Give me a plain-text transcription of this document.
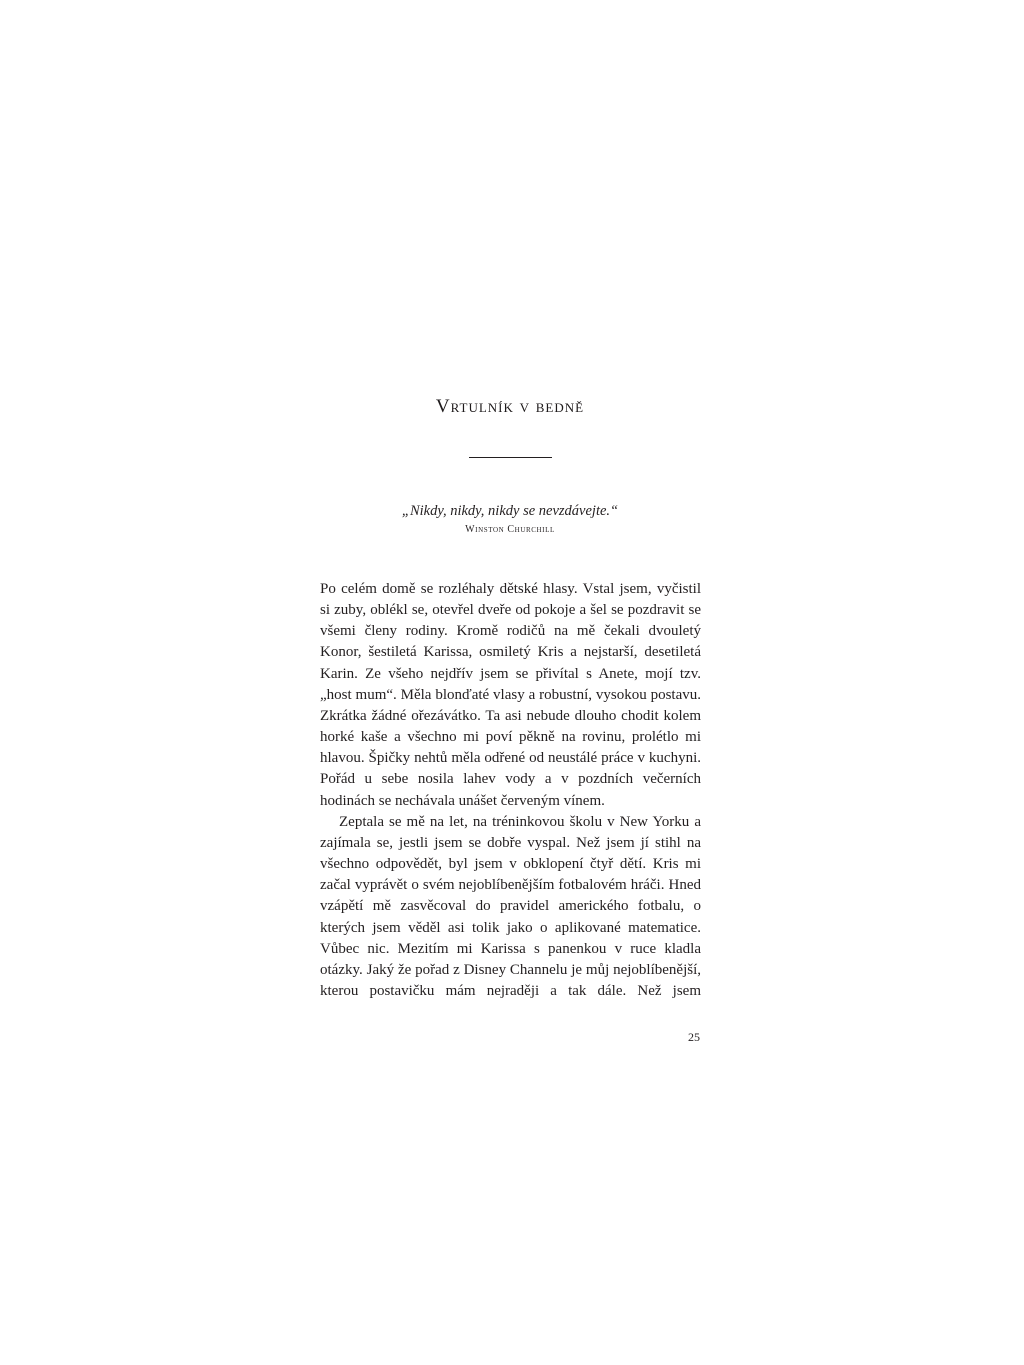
Vrtulník v bedně

„Nikdy, nikdy, nikdy se nevzdávejte.“

Winston Churchill

Po celém domě se rozléhaly dětské hlasy. Vstal jsem, vyčistil si zuby, oblékl se, otevřel dveře od pokoje a šel se pozdravit se všemi členy rodiny. Kromě rodičů na mě čekali dvouletý Konor, šestiletá Karissa, osmiletý Kris a nejstarší, desetiletá Karin. Ze všeho nejdřív jsem se přivítal s Anete, mojí tzv. „host mum“. Měla blonďaté vlasy a robustní, vysokou postavu. Zkrátka žádné ořezávátko. Ta asi nebude dlouho chodit kolem horké kaše a všechno mi poví pěkně na rovinu, prolétlo mi hlavou. Špičky nehtů měla odřené od neustálé práce v kuchyni. Pořád u sebe nosila lahev vody a v pozdních večerních hodinách se nechávala unášet červeným vínem.

Zeptala se mě na let, na tréninkovou školu v New Yorku a zajímala se, jestli jsem se dobře vyspal. Než jsem jí stihl na všechno odpovědět, byl jsem v obklopení čtyř dětí. Kris mi začal vyprávět o svém nejoblíbenějším fotbalovém hráči. Hned vzápětí mě zasvěcoval do pravidel amerického fotbalu, o kterých jsem věděl asi tolik jako o aplikované matematice. Vůbec nic. Mezitím mi Karissa s panenkou v ruce kladla otázky. Jaký že pořad z Disney Channelu je můj nejoblíbenější, kterou postavičku mám nejraději a tak dále. Než jsem

25
